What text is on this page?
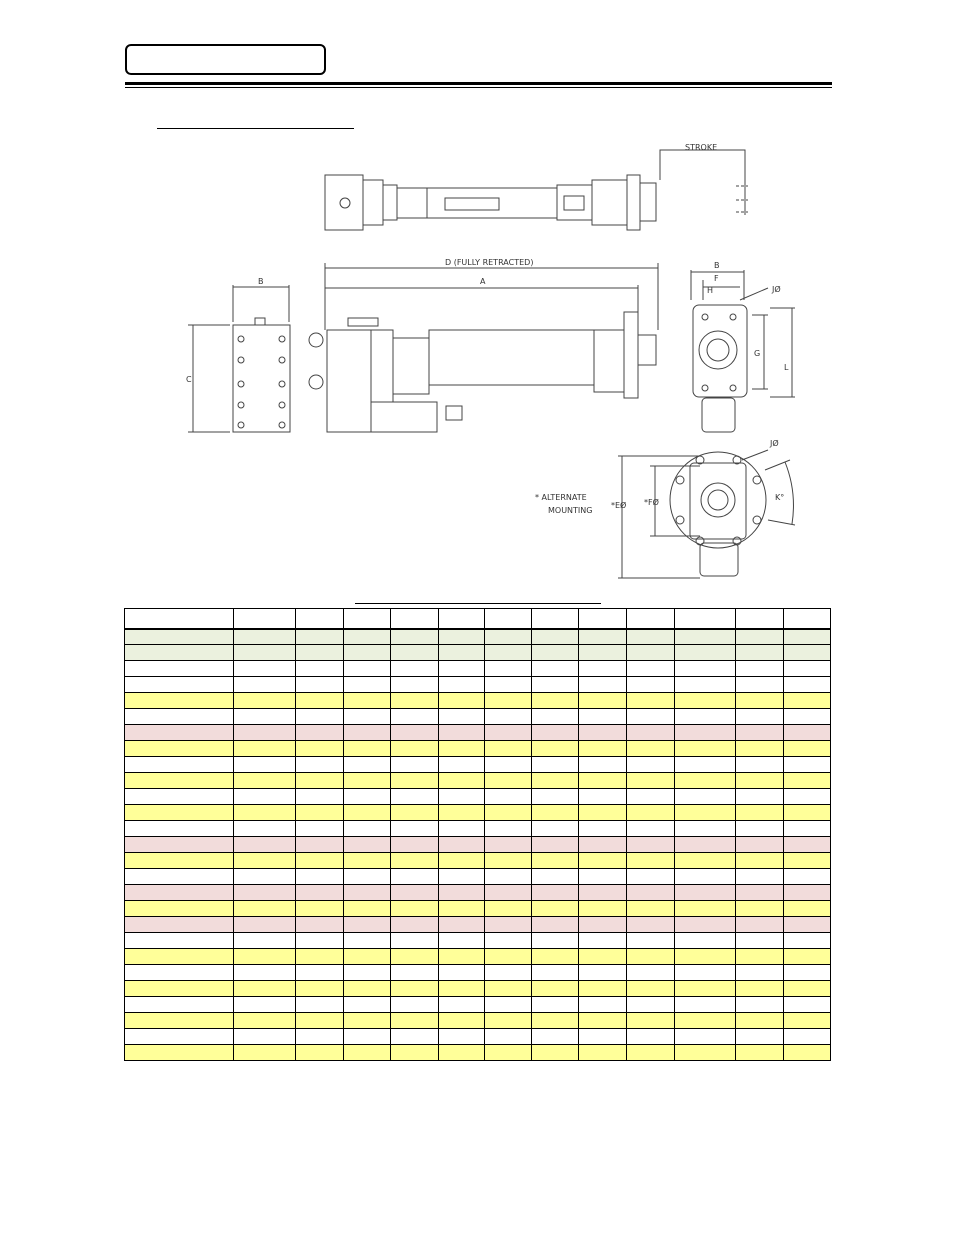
STROKE
D (FULLY RETRACTED)
A
B
C
B
F
H	JØ
G
L
JØ
*EØ *FØ
K°
* ALTERNATE
MOUNTING
